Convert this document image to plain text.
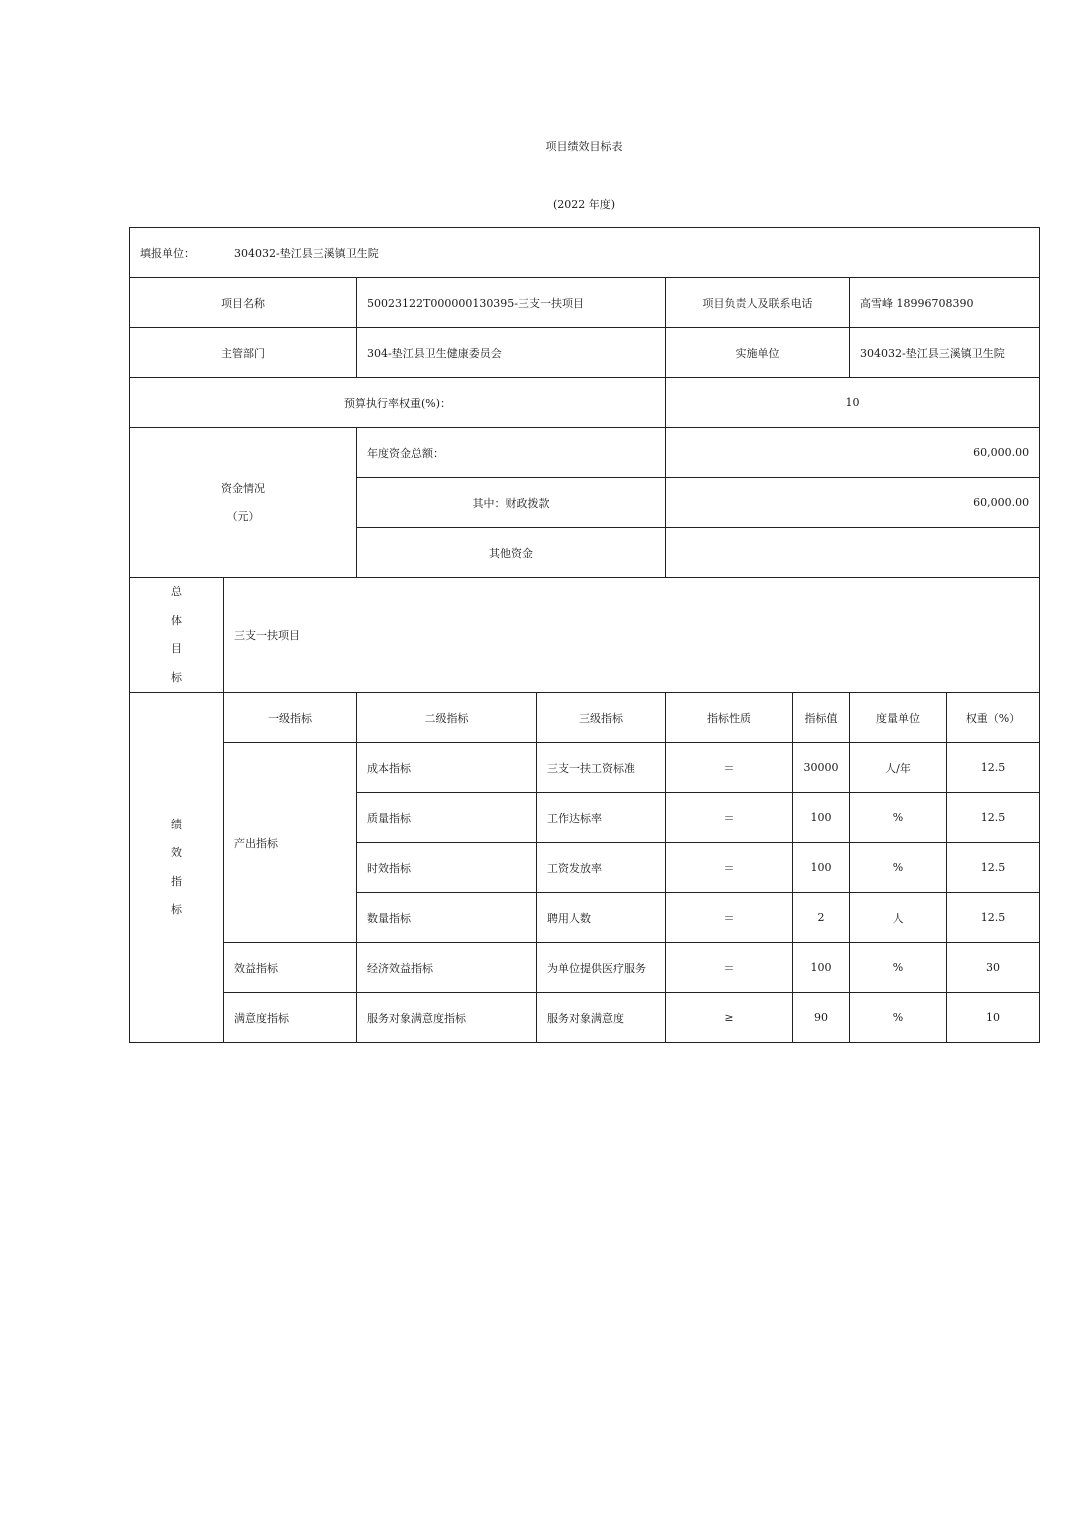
项目绩效目标表
(2022 年度)
填报单位： 304032-垫江县三溪镇卫生院							
项目名称		50023122T000000130395-三支一扶项目		项目负责人及联系电话		高雪峰 18996708390	
主管部门		304-垫江县卫生健康委员会		实施单位		304032-垫江县三溪镇卫生院	
预算执行率权重(%)：				10			

资金情况
（元）		年度资金总额：		60,000.00			
		其中：财政拨款		60,000.00			
		其他资金					

总
体
目
标	三支一扶项目						

绩
效
指
标	一级指标	二级指标	三级指标	指标性质	指标值	度量单位	权重（%）
	产出指标	成本指标	三支一扶工资标准	＝	30000	人/年	12.5
		质量指标	工作达标率	＝	100	%	12.5
		时效指标	工资发放率	＝	100	%	12.5
		数量指标	聘用人数	＝	2	人	12.5
	效益指标	经济效益指标	为单位提供医疗服务	＝	100	%	30
	满意度指标	服务对象满意度指标	服务对象满意度	≥	90	%	10
